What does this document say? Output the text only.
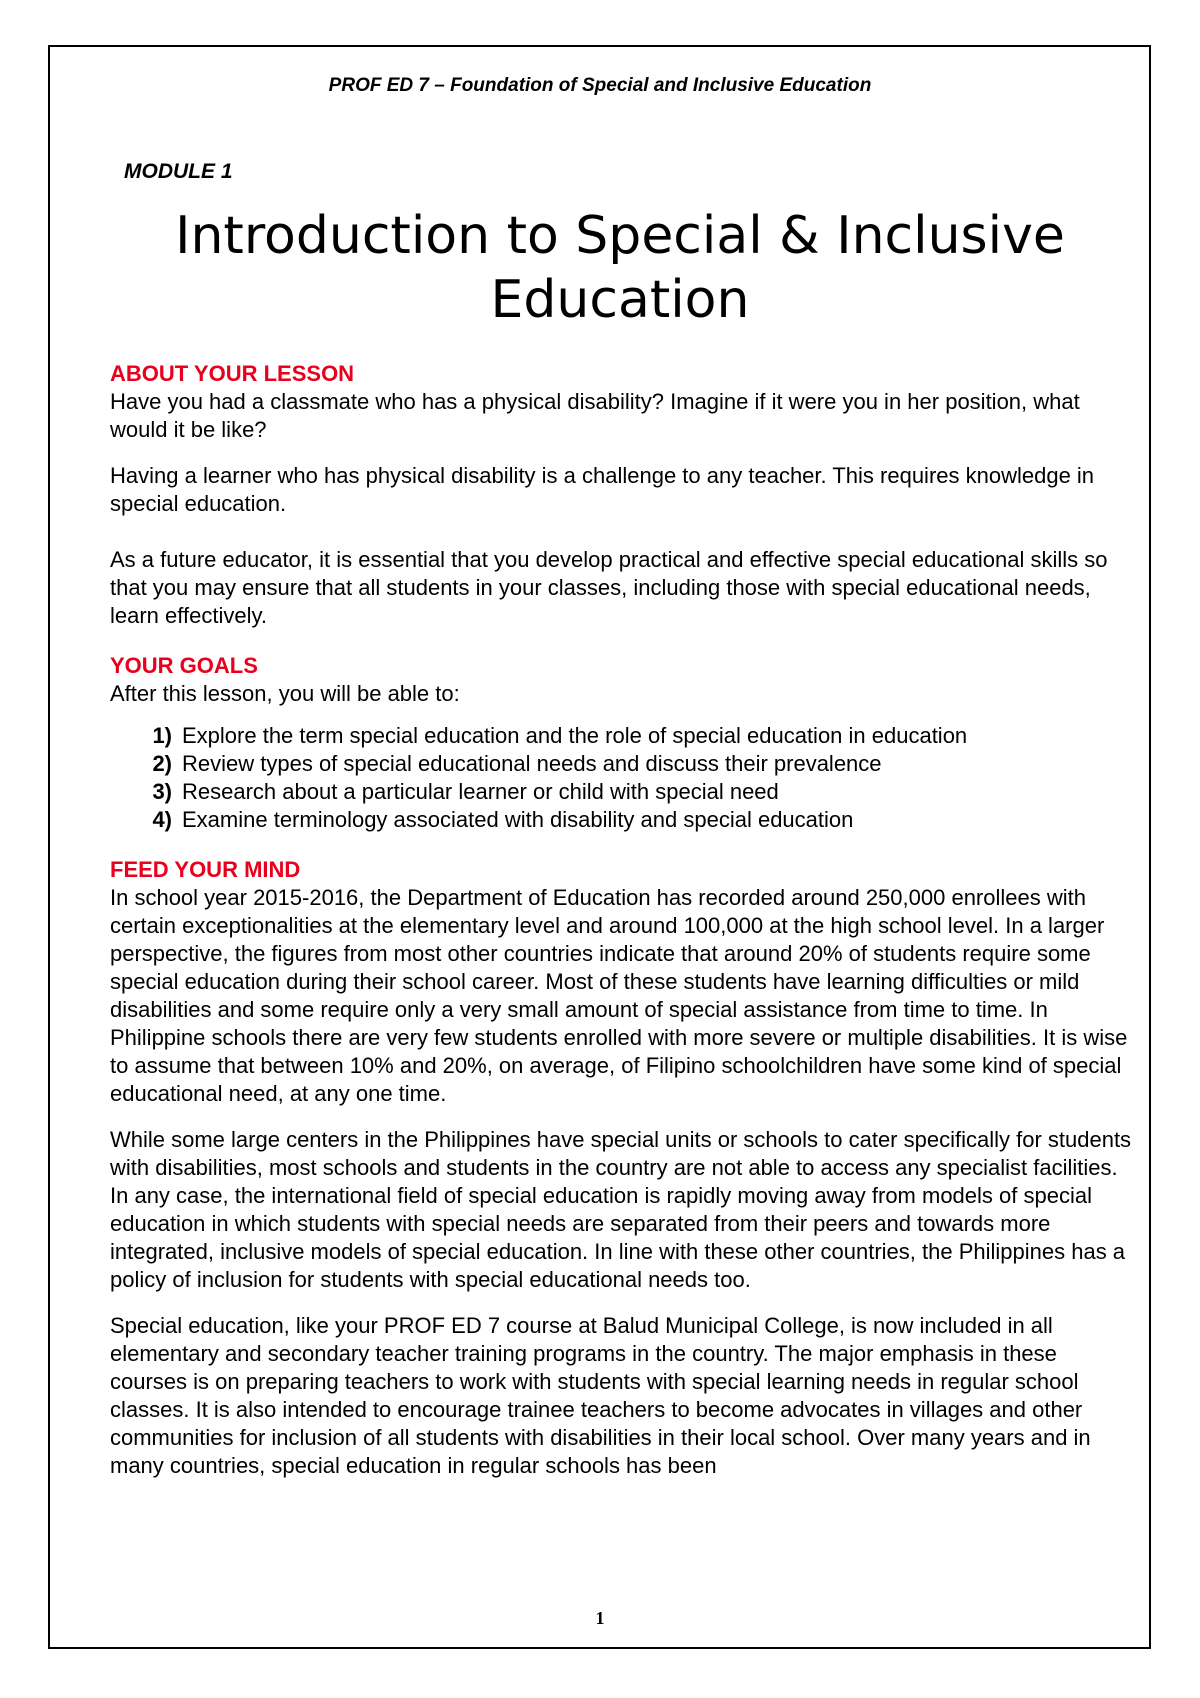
PROF ED 7 – Foundation of Special and Inclusive Education
MODULE 1
Introduction to Special & Inclusive Education
ABOUT YOUR LESSON

Have you had a classmate who has a physical disability? Imagine if it were you in her position, what would it be like?

Having a learner who has physical disability is a challenge to any teacher. This requires knowledge in special education.

As a future educator, it is essential that you develop practical and effective special educational skills so that you may ensure that all students in your classes, including those with special educational needs, learn effectively.

YOUR GOALS

After this lesson, you will be able to:

1) Explore the term special education and the role of special education in education
2) Review types of special educational needs and discuss their prevalence
3) Research about a particular learner or child with special need
4) Examine terminology associated with disability and special education
FEED YOUR MIND

In school year 2015-2016, the Department of Education has recorded around 250,000 enrollees with certain exceptionalities at the elementary level and around 100,000 at the high school level. In a larger perspective, the figures from most other countries indicate that around 20% of students require some special education during their school career. Most of these students have learning difficulties or mild disabilities and some require only a very small amount of special assistance from time to time. In Philippine schools there are very few students enrolled with more severe or multiple disabilities. It is wise to assume that between 10% and 20%, on average, of Filipino schoolchildren have some kind of special educational need, at any one time.

While some large centers in the Philippines have special units or schools to cater specifically for students with disabilities, most schools and students in the country are not able to access any specialist facilities. In any case, the international field of special education is rapidly moving away from models of special education in which students with special needs are separated from their peers and towards more integrated, inclusive models of special education. In line with these other countries, the Philippines has a policy of inclusion for students with special educational needs too.

Special education, like your PROF ED 7 course at Balud Municipal College, is now included in all elementary and secondary teacher training programs in the country. The major emphasis in these courses is on preparing teachers to work with students with special learning needs in regular school classes. It is also intended to encourage trainee teachers to become advocates in villages and other communities for inclusion of all students with disabilities in their local school. Over many years and in many countries, special education in regular schools has been

1
